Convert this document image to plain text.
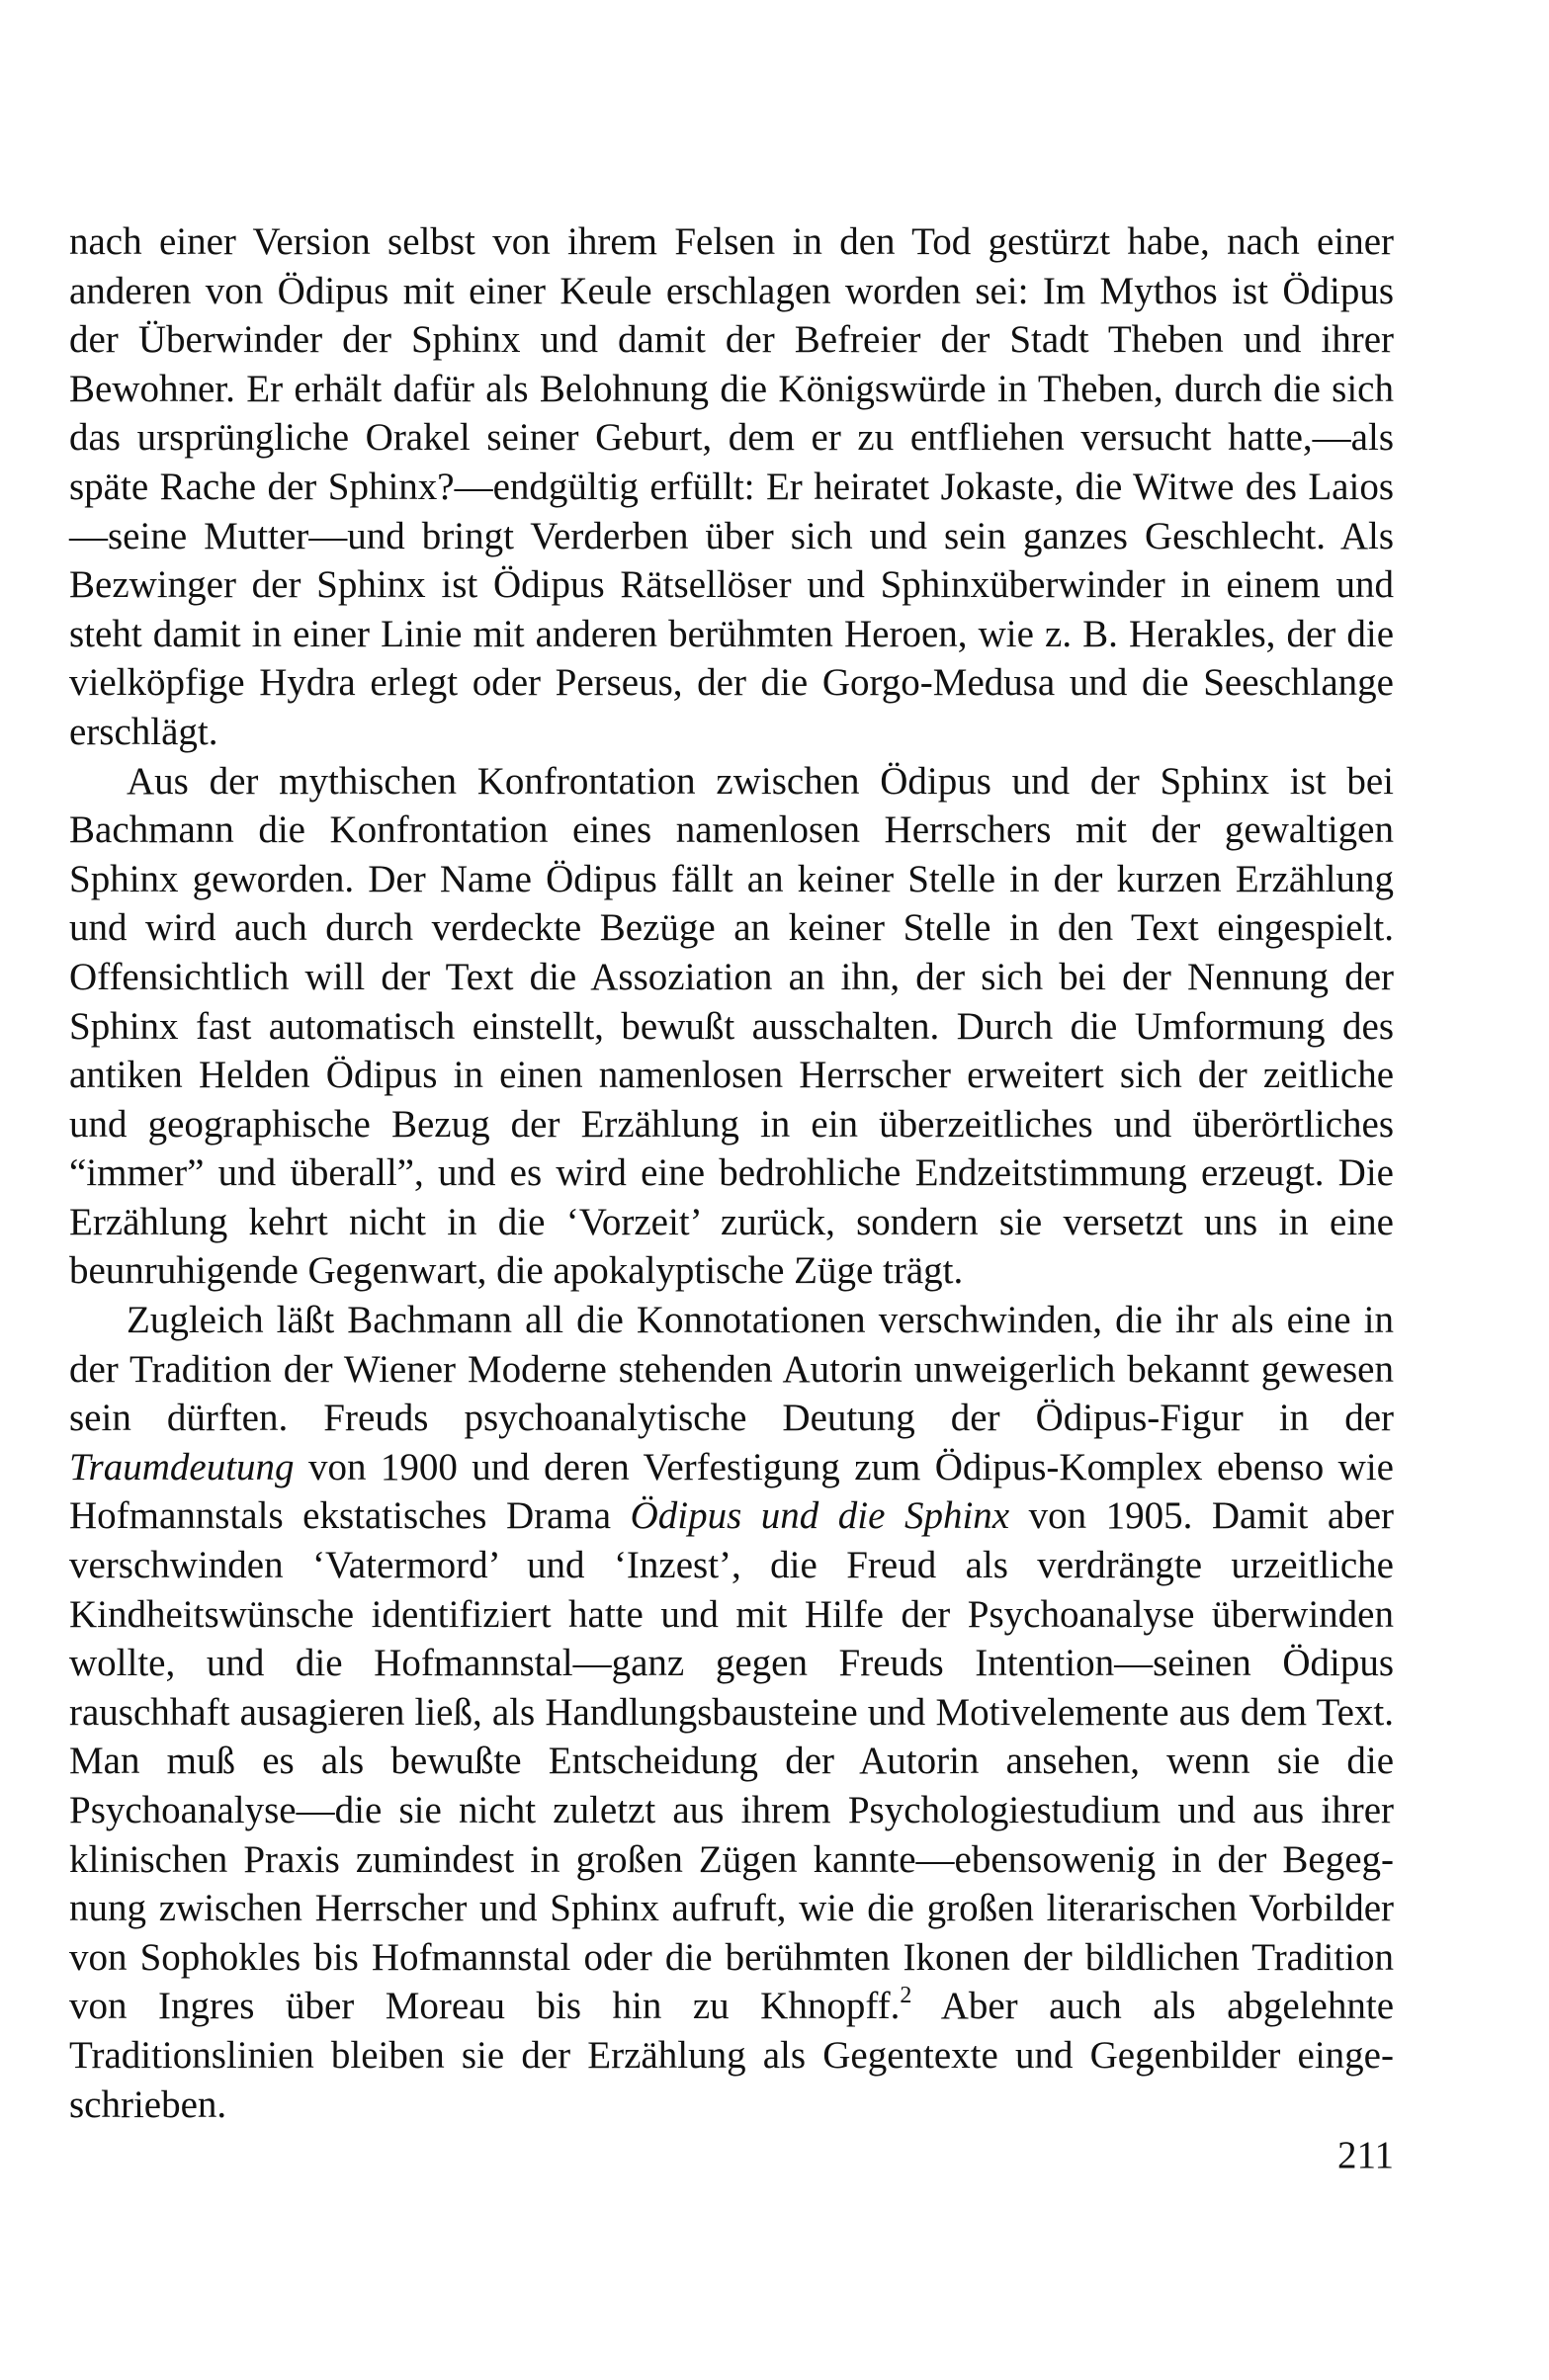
nach einer Version selbst von ihrem Felsen in den Tod gestürzt habe, nach einer anderen von Ödipus mit einer Keule erschlagen worden sei: Im Mythos ist Ödipus der Überwinder der Sphinx und damit der Befreier der Stadt Theben und ihrer Bewohner. Er erhält dafür als Belohnung die Königswürde in Theben, durch die sich das ursprüngliche Orakel seiner Geburt, dem er zu entfliehen versucht hatte,—als späte Rache der Sphinx?—endgültig erfüllt: Er heiratet Jokaste, die Witwe des Laios—seine Mutter—und bringt Verderben über sich und sein ganzes Geschlecht. Als Bezwinger der Sphinx ist Ödipus Rätsellöser und Sphinxüberwinder in einem und steht damit in einer Linie mit anderen berühmten Heroen, wie z. B. Herakles, der die vielköpfige Hydra erlegt oder Perseus, der die Gorgo-Medusa und die Seeschlange erschlägt.

Aus der mythischen Konfrontation zwischen Ödipus und der Sphinx ist bei Bachmann die Konfrontation eines namenlosen Herrschers mit der gewaltigen Sphinx geworden. Der Name Ödipus fällt an keiner Stelle in der kurzen Erzählung und wird auch durch verdeckte Bezüge an keiner Stelle in den Text eingespielt. Offensichtlich will der Text die Assoziation an ihn, der sich bei der Nennung der Sphinx fast automatisch einstellt, bewußt ausschalten. Durch die Umformung des antiken Helden Ödipus in einen namenlosen Herrscher erweitert sich der zeitliche und geographische Bezug der Erzählung in ein überzeitliches und überörtliches “immer” und überall”, und es wird eine bedrohliche Endzeitstimmung erzeugt. Die Erzählung kehrt nicht in die ‘Vorzeit’ zurück, sondern sie versetzt uns in eine beunruhigende Gegenwart, die apokalyptische Züge trägt.

Zugleich läßt Bachmann all die Konnotationen verschwinden, die ihr als eine in der Tradition der Wiener Moderne stehenden Autorin unweigerlich bekannt gewesen sein dürften. Freuds psychoanalytische Deutung der Ödipus-Figur in der Traumdeutung von 1900 und deren Verfestigung zum Ödipus-Komplex ebenso wie Hofmannstals ekstatisches Drama Ödipus und die Sphinx von 1905. Damit aber verschwinden ‘Vatermord’ und ‘Inzest’, die Freud als verdrängte urzeitliche Kindheitswünsche identifiziert hatte und mit Hilfe der Psychoanalyse überwinden wollte, und die Hofmannstal—ganz gegen Freuds Intention—seinen Ödipus rauschhaft ausagieren ließ, als Handlungsbausteine und Motivelemente aus dem Text. Man muß es als bewußte Entscheidung der Autorin ansehen, wenn sie die Psychoanalyse—die sie nicht zuletzt aus ihrem Psychologiestudium und aus ihrer klinischen Praxis zumindest in großen Zügen kannte—ebensowenig in der Begegnung zwischen Herrscher und Sphinx aufruft, wie die großen literarischen Vorbilder von Sophokles bis Hofmannstal oder die berühmten Ikonen der bildlichen Tradition von Ingres über Moreau bis hin zu Khnopff.$^2$ Aber auch als abgelehnte Traditionslinien bleiben sie der Erzählung als Gegentexte und Gegenbilder eingeschrieben.

211
